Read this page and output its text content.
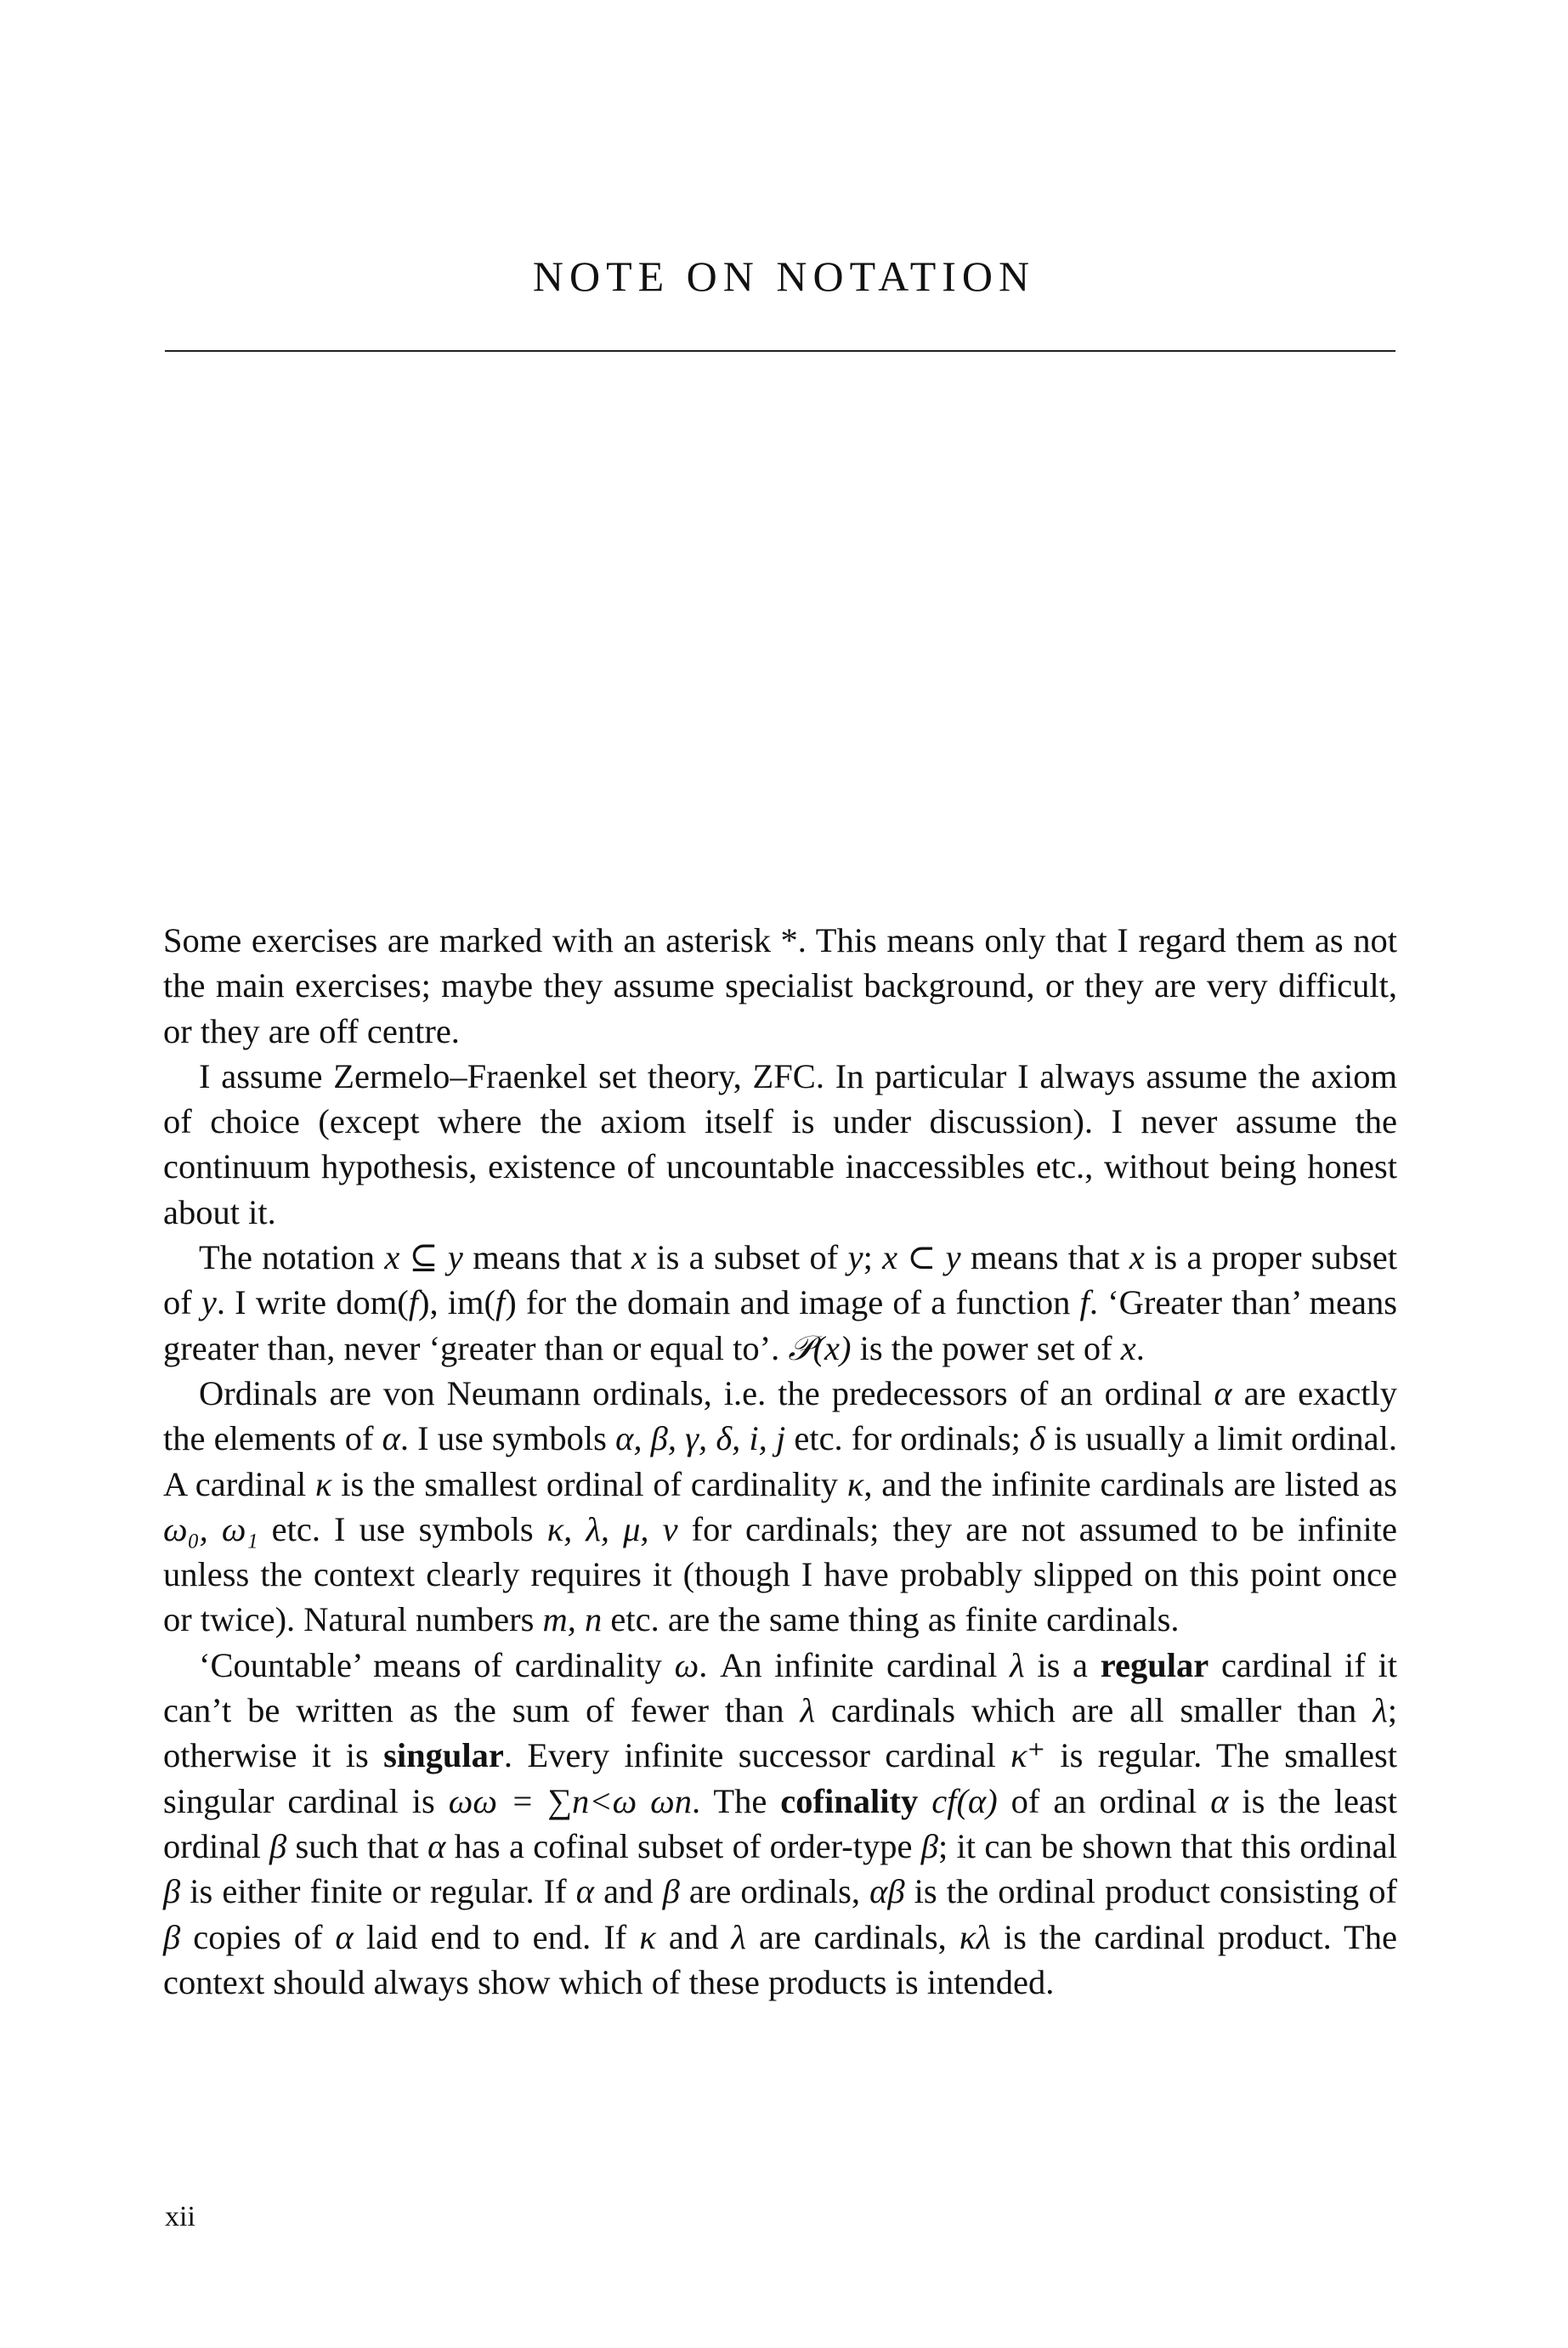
NOTE ON NOTATION

Some exercises are marked with an asterisk *. This means only that I regard them as not the main exercises; maybe they assume specialist background, or they are very difficult, or they are off centre.

I assume Zermelo–Fraenkel set theory, ZFC. In particular I always assume the axiom of choice (except where the axiom itself is under discussion). I never assume the continuum hypothesis, existence of uncountable inaccessibles etc., without being honest about it.

The notation x ⊆ y means that x is a subset of y; x ⊂ y means that x is a proper subset of y. I write dom(f), im(f) for the domain and image of a function f. ‘Greater than’ means greater than, never ‘greater than or equal to’. 𝒫(x) is the power set of x.

Ordinals are von Neumann ordinals, i.e. the predecessors of an ordinal α are exactly the elements of α. I use symbols α, β, γ, δ, i, j etc. for ordinals; δ is usually a limit ordinal. A cardinal κ is the smallest ordinal of cardinality κ, and the infinite cardinals are listed as ω₀, ω₁ etc. I use symbols κ, λ, μ, ν for cardinals; they are not assumed to be infinite unless the context clearly requires it (though I have probably slipped on this point once or twice). Natural numbers m, n etc. are the same thing as finite cardinals.

‘Countable’ means of cardinality ω. An infinite cardinal λ is a regular cardinal if it can’t be written as the sum of fewer than λ cardinals which are all smaller than λ; otherwise it is singular. Every infinite successor cardinal κ⁺ is regular. The smallest singular cardinal is ωω = ∑n<ω ωn. The cofinality cf(α) of an ordinal α is the least ordinal β such that α has a cofinal subset of order-type β; it can be shown that this ordinal β is either finite or regular. If α and β are ordinals, αβ is the ordinal product consisting of β copies of α laid end to end. If κ and λ are cardinals, κλ is the cardinal product. The context should always show which of these products is intended.

xii
